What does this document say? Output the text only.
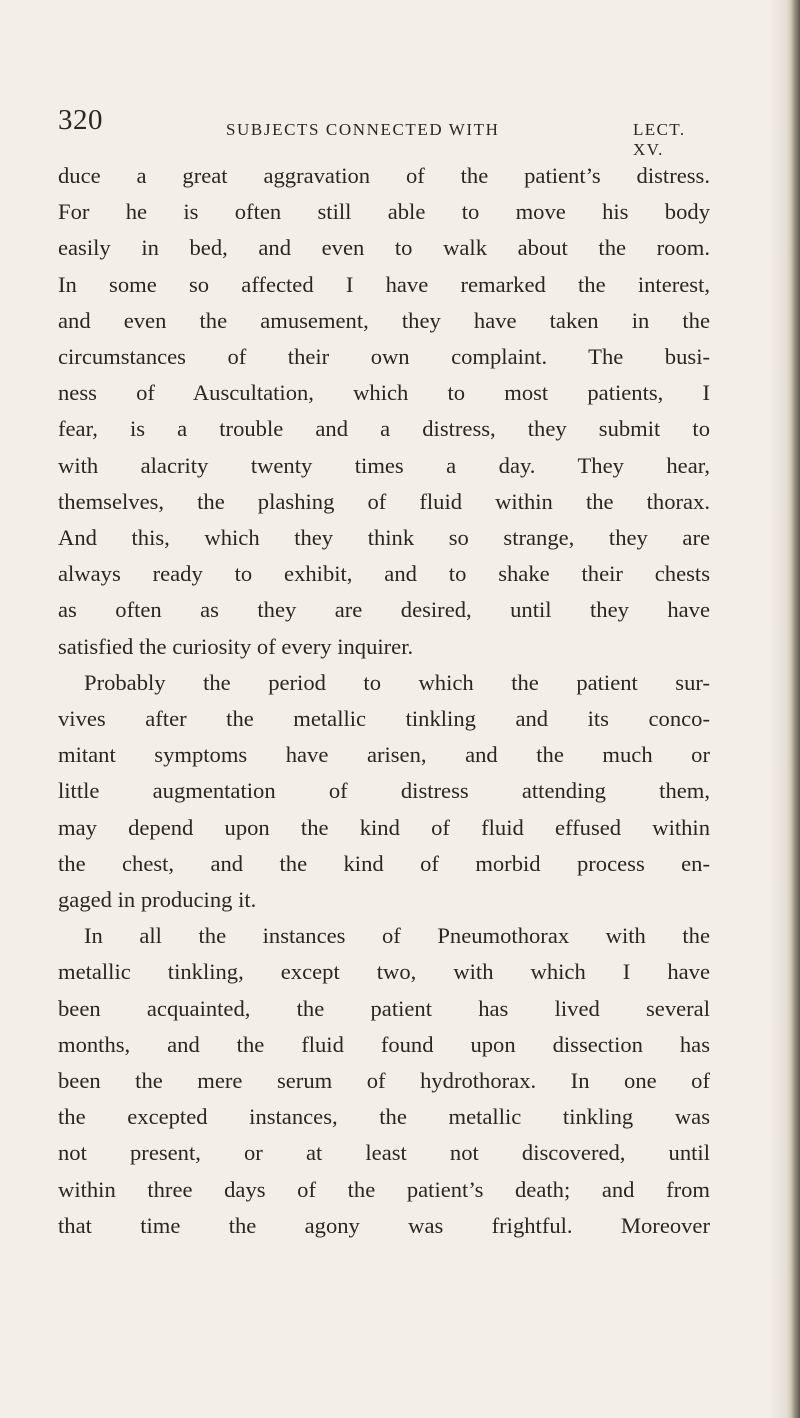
320	SUBJECTS CONNECTED WITH	LECT. XV.
duce a great aggravation of the patient’s distress.
For he is often still able to move his body
easily in bed, and even to walk about the room.
In some so affected I have remarked the interest,
and even the amusement, they have taken in the
circumstances of their own complaint. The busi-
ness of Auscultation, which to most patients, I
fear, is a trouble and a distress, they submit to
with alacrity twenty times a day. They hear,
themselves, the plashing of fluid within the thorax.
And this, which they think so strange, they are
always ready to exhibit, and to shake their chests
as often as they are desired, until they have
satisfied the curiosity of every inquirer.
Probably the period to which the patient sur-
vives after the metallic tinkling and its conco-
mitant symptoms have arisen, and the much or
little augmentation of distress attending them,
may depend upon the kind of fluid effused within
the chest, and the kind of morbid process en-
gaged in producing it.
In all the instances of Pneumothorax with the
metallic tinkling, except two, with which I have
been acquainted, the patient has lived several
months, and the fluid found upon dissection has
been the mere serum of hydrothorax. In one of
the excepted instances, the metallic tinkling was
not present, or at least not discovered, until
within three days of the patient’s death; and from
that time the agony was frightful. Moreover
